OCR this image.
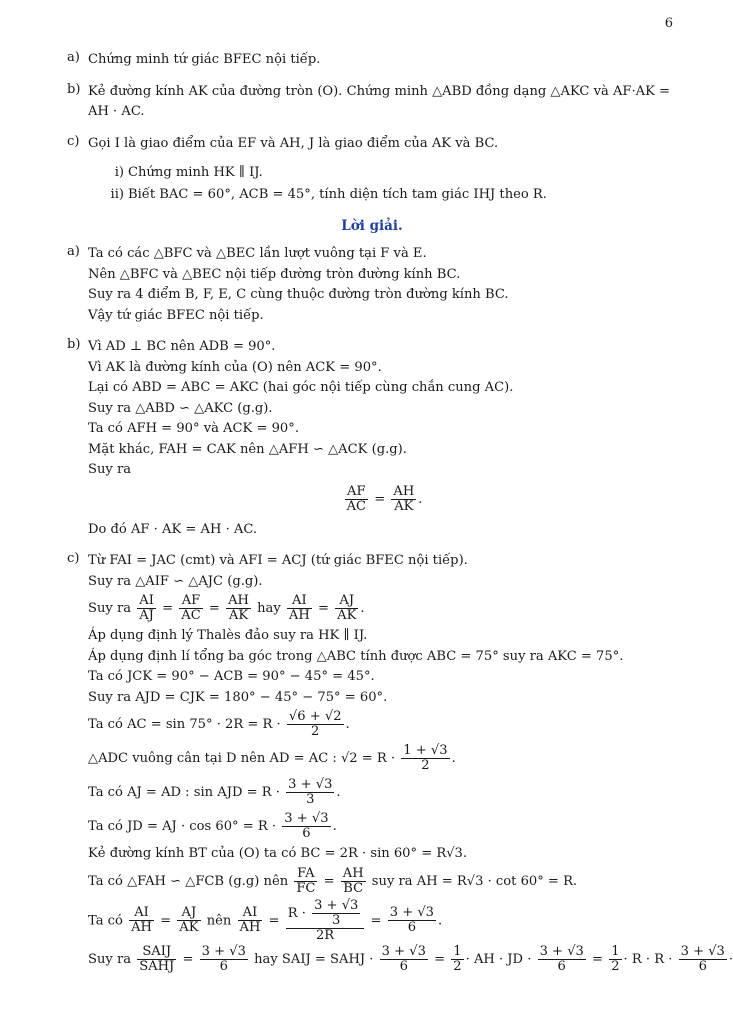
6
a) Chứng minh tứ giác BFEC nội tiếp.
b) Kẻ đường kính AK của đường tròn (O). Chứng minh △ABD đồng dạng △AKC và AF·AK =
AH · AC.
c) Gọi I là giao điểm của EF và AH, J là giao điểm của AK và BC.
i) Chứng minh HK ∥ IJ.
ii) Biết BAC = 60°, ACB = 45°, tính diện tích tam giác IHJ theo R.
Lời giải.
a) Ta có các △BFC và △BEC lần lượt vuông tại F và E.
Nên △BFC và △BEC nội tiếp đường tròn đường kính BC.
Suy ra 4 điểm B, F, E, C cùng thuộc đường tròn đường kính BC.
Vậy tứ giác BFEC nội tiếp.
b) Vì AD ⊥ BC nên ADB = 90°.
Vì AK là đường kính của (O) nên ACK = 90°.
Lại có ABD = ABC = AKC (hai góc nội tiếp cùng chắn cung AC).
Suy ra △ABD ∽ △AKC (g.g).
Ta có AFH = 90° và ACK = 90°.
Mặt khác, FAH = CAK nên △AFH ∽ △ACK (g.g).
Suy ra
$\frac{AF}{AC} = \frac{AH}{AK}$ .
Do đó AF · AK = AH · AC.
c) Từ FAI = JAC (cmt) và AFI = ACJ (tứ giác BFEC nội tiếp).
Suy ra △AIF ∽ △AJC (g.g).
Suy ra $\frac{AI}{AJ} = \frac{AF}{AC} = \frac{AH}{AK}$ hay $\frac{AI}{AH} = \frac{AJ}{AK}$ .
Áp dụng định lý Thalès đảo suy ra HK ∥ IJ.
Áp dụng định lí tổng ba góc trong △ABC tính được ABC = 75° suy ra AKC = 75°.
Ta có JCK = 90° − ACB = 90° − 45° = 45°.
Suy ra AJD = CJK = 180° − 45° − 75° = 60°.
Ta có AC = $\sin 75^\circ \cdot 2R = R \cdot \frac{√6 + √2}{2}$ .
△ADC vuông cân tại D nên AD = AC : $√2 = R \cdot \frac{1 + √3}{2}$ .
Ta có AJ = AD : sin AJD = $R \cdot \frac{3 + √3}{3}$ .
Ta có JD = AJ · $\cos 60^\circ = R \cdot \frac{3 + √3}{6}$ .
Kẻ đường kính BT của (O) ta có BC = 2R · sin 60° = R√3.
Ta có △FAH ∽ △FCB (g.g) nên $\frac{FA}{FC} = \frac{AH}{BC}$ suy ra AH = R√3 · cot 60° = R.
Ta có $\frac{AI}{AH} = \frac{AJ}{AK}$ nên $\frac{AI}{AH} = \frac{R \cdot \frac{3 + √3}{3}}{2R} = \frac{3 + √3}{6}$ .
Suy ra $\frac{\text{SAIJ}}{\text{SAHJ}} = \frac{3 + √3}{6}$ hay SAIJ = SAHJ · $\frac{3 + √3}{6} = \frac{1}{2}$ · AH · JD · $\frac{3 + √3}{6} = \frac{1}{2} \cdot R \cdot R \cdot \frac{3 + √3}{6}$ ·
